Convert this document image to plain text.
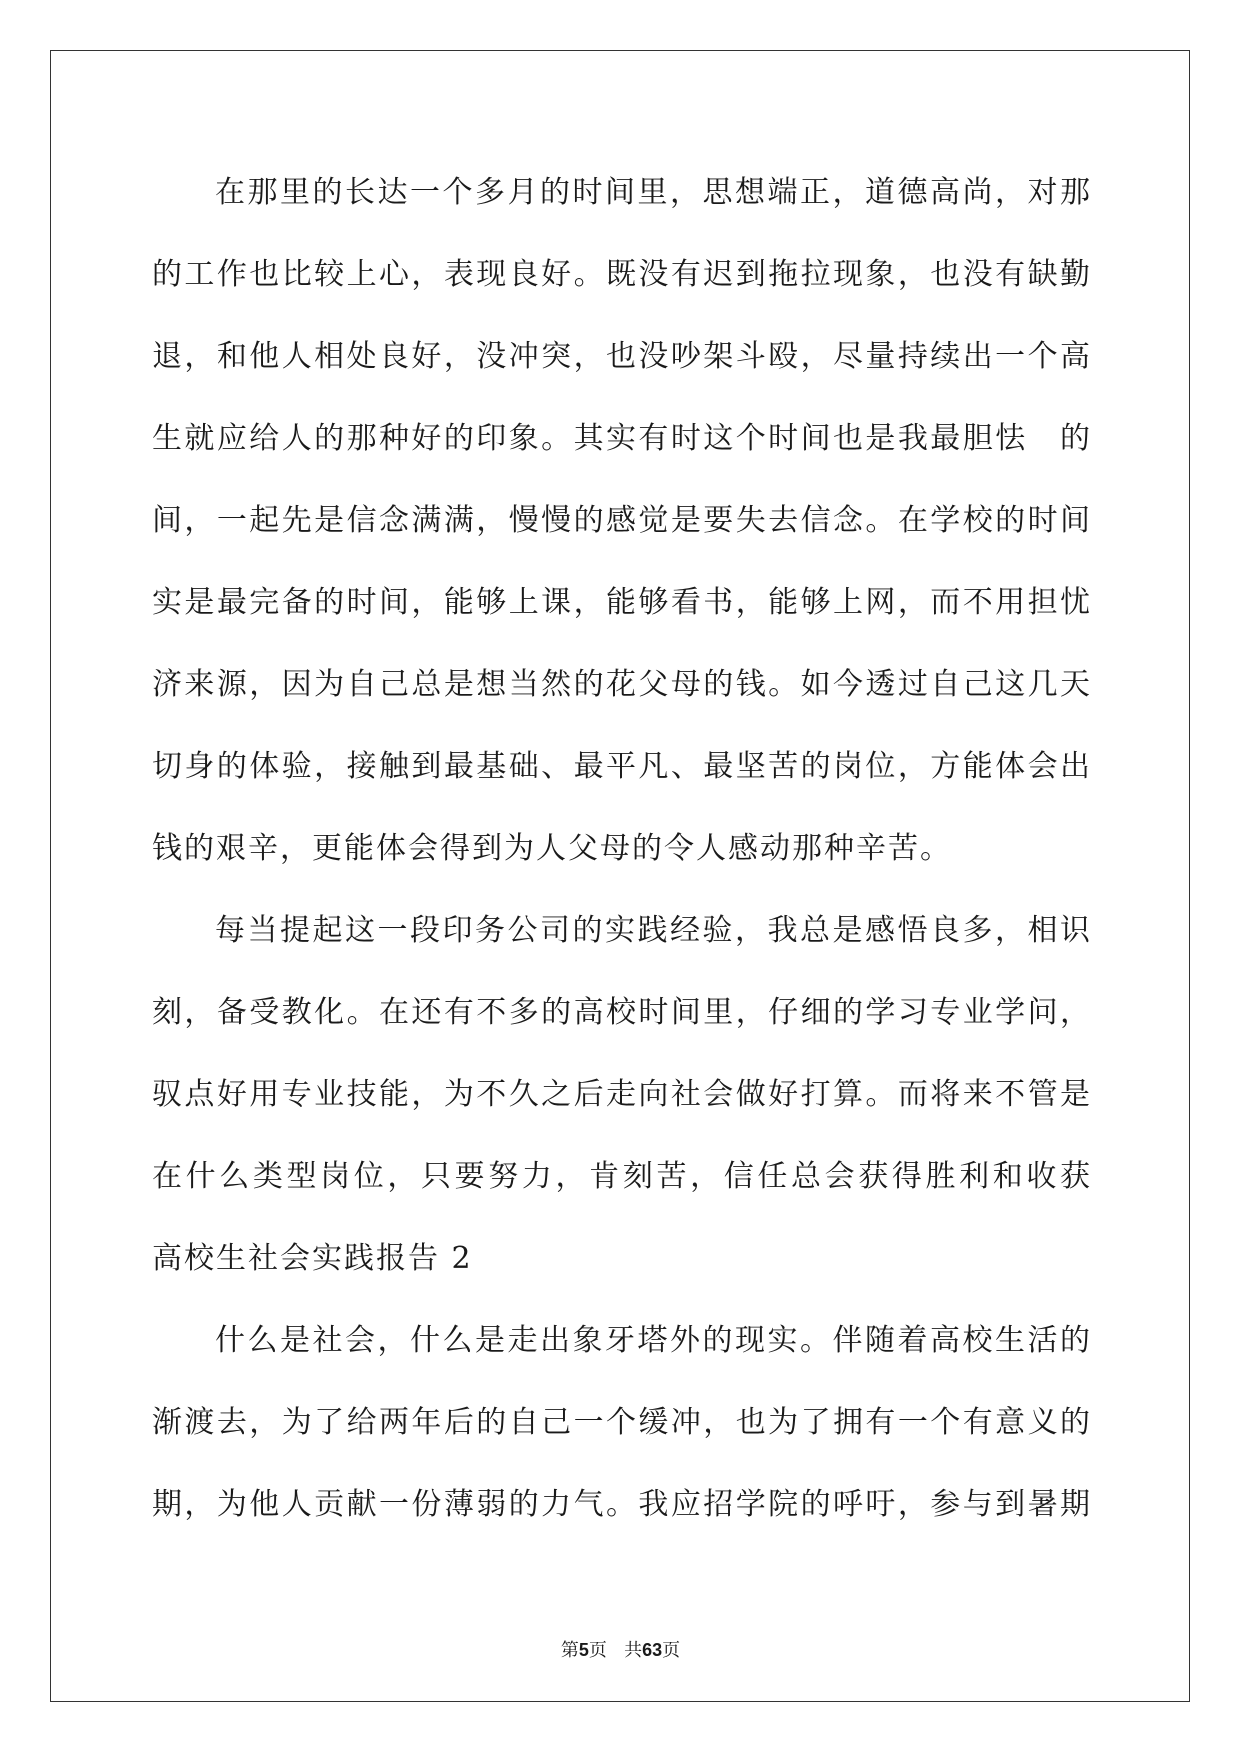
在那里的长达一个多月的时间里，思想端正，道德高尚，对那
的工作也比较上心，表现良好。既没有迟到拖拉现象，也没有缺勤
退，和他人相处良好，没冲突，也没吵架斗殴，尽量持续出一个高
生就应给人的那种好的印象。其实有时这个时间也是我最胆怯　的
间，一起先是信念满满，慢慢的感觉是要失去信念。在学校的时间
实是最完备的时间，能够上课，能够看书，能够上网，而不用担忧
济来源，因为自己总是想当然的花父母的钱。如今透过自己这几天
切身的体验，接触到最基础、最平凡、最坚苦的岗位，方能体会出
钱的艰辛，更能体会得到为人父母的令人感动那种辛苦。
每当提起这一段印务公司的实践经验，我总是感悟良多，相识
刻，备受教化。在还有不多的高校时间里，仔细的学习专业学问，
驭点好用专业技能，为不久之后走向社会做好打算。而将来不管是
在什么类型岗位，只要努力，肯刻苦，信任总会获得胜利和收获
高校生社会实践报告 2
什么是社会，什么是走出象牙塔外的现实。伴随着高校生活的
渐渡去，为了给两年后的自己一个缓冲，也为了拥有一个有意义的
期，为他人贡献一份薄弱的力气。我应招学院的呼吁，参与到暑期
第5页 共63页
